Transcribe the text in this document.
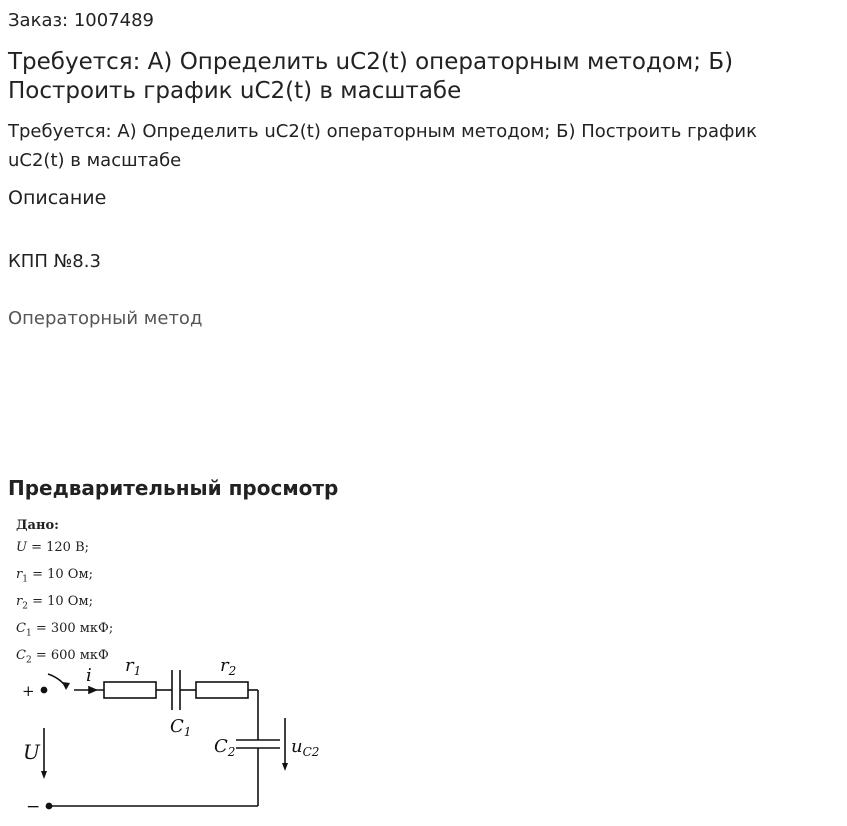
Заказ: 1007489
Требуется: А) Определить uC2(t) операторным методом; Б) Построить график uC2(t) в масштабе
Требуется: А) Определить uC2(t) операторным методом; Б) Построить график uC2(t) в масштабе
Описание
КПП №8.3
Операторный метод
Предварительный просмотр
Дано:
U = 120 В;
$r_1 = 10$ Ом;
$r_2 = 10$ Ом;
$C_1 = 300$ мкФ;
$C_2 = 600$ мкФ
+
−
i $r_1$	$r_2$
$C_1$
$C_2$
U	$u_{C2}$
